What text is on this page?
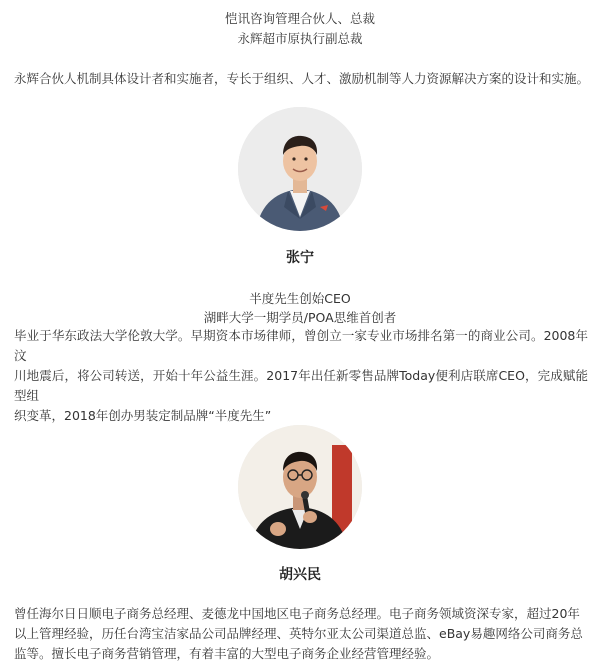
恺讯咨询管理合伙人、总裁
永辉超市原执行副总裁
永辉合伙人机制具体设计者和实施者，专长于组织、人才、激励机制等人力资源解决方案的设计和实施。
张宁
半度先生创始CEO
湖畔大学一期学员/POA思维首创者
毕业于华东政法大学伦敦大学。早期资本市场律师，曾创立一家专业市场排名第一的商业公司。2008年汶
川地震后，将公司转送，开始十年公益生涯。2017年出任新零售品牌Today便利店联席CEO，完成赋能型组
织变革，2018年创办男装定制品牌“半度先生”
胡兴民
曾任海尔日日顺电子商务总经理、麦德龙中国地区电子商务总经理。电子商务领域资深专家，超过20年
以上管理经验，历任台湾宝洁家品公司品牌经理、英特尔亚太公司渠道总监、eBay易趣网络公司商务总
监等。擅长电子商务营销管理，有着丰富的大型电子商务企业经营管理经验。
